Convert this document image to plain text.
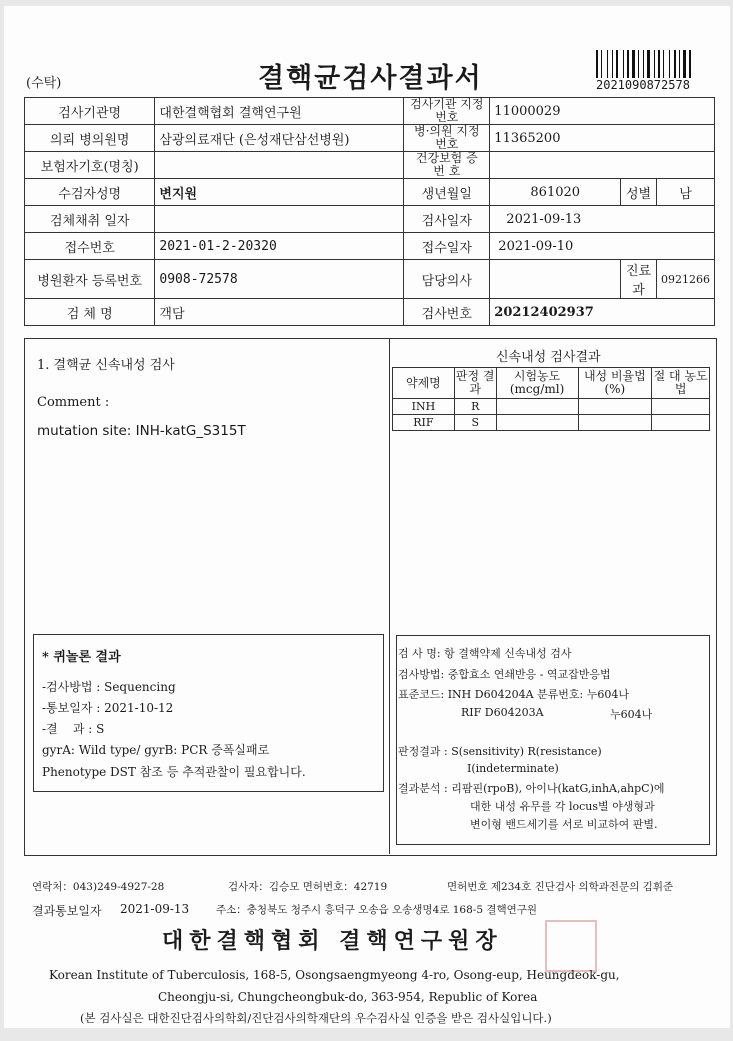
(수탁)	결핵균검사결과서	2021090872578
검사기관명	대한결핵협회 결핵연구원	검사기관 지정번호	11000029		
의뢰 병의원명	삼광의료재단 (은성재단삼선병원)	병·의원 지정번호	11365200		
보험자기호(명칭)		건강보험 증 번 호			
수검자성명	변지원	생년월일	861020	성별	남
검체채취 일자		검사일자	2021-09-13		
접수번호	2021-01-2-20320	접수일자	2021-09-10		
병원환자 등록번호	0908-72578	담당의사		진료과	0921266
검 체 명	객담	검사번호	20212402937		
1. 결핵균 신속내성 검사
Comment :
mutation site: INH-katG_S315T
신속내성 검사결과
약제명	판정 결과	시험농도 (mcg/ml)	내성 비율법(%)	절 대 농도법
INH	R			
RIF	S			
* 퀴놀론 결과
-검사방법 : Sequencing
-통보일자 : 2021-10-12
-결    과 : S
gyrA: Wild type/ gyrB: PCR 증폭실패로
Phenotype DST 참조 등 추적관찰이 필요합니다.
검 사 명: 항 결핵약제 신속내성 검사
검사방법: 중합효소 연쇄반응 - 역교잡반응법
표준코드: INH D604204A 분류번호: 누604나
RIF D604203A	누604나
판정결과 : S(sensitivity) R(resistance)
I(indeterminate)
결과분석 : 리팜핀(rpoB), 아이나(katG,inhA,ahpC)에
대한 내성 유무를 각 locus별 야생형과
변이형 밴드세기를 서로 비교하여 판별.
연락처：043)249-4927-28	검사자：김승모 면허번호：42719	면허번호 제234호 진단검사 의학과전문의 김휘준
결과통보일자 2021-09-13	주소：충청북도 청주시 흥덕구 오송읍 오송생명4로 168-5 결핵연구원
대한결핵협회 결핵연구원장
Korean Institute of Tuberculosis, 168-5, Osongsaengmyeong 4-ro, Osong-eup, Heungdeok-gu,
Cheongju-si, Chungcheongbuk-do, 363-954, Republic of Korea
(본 검사실은 대한진단검사의학회/진단검사의학재단의 우수검사실 인증을 받은 검사실입니다.)
